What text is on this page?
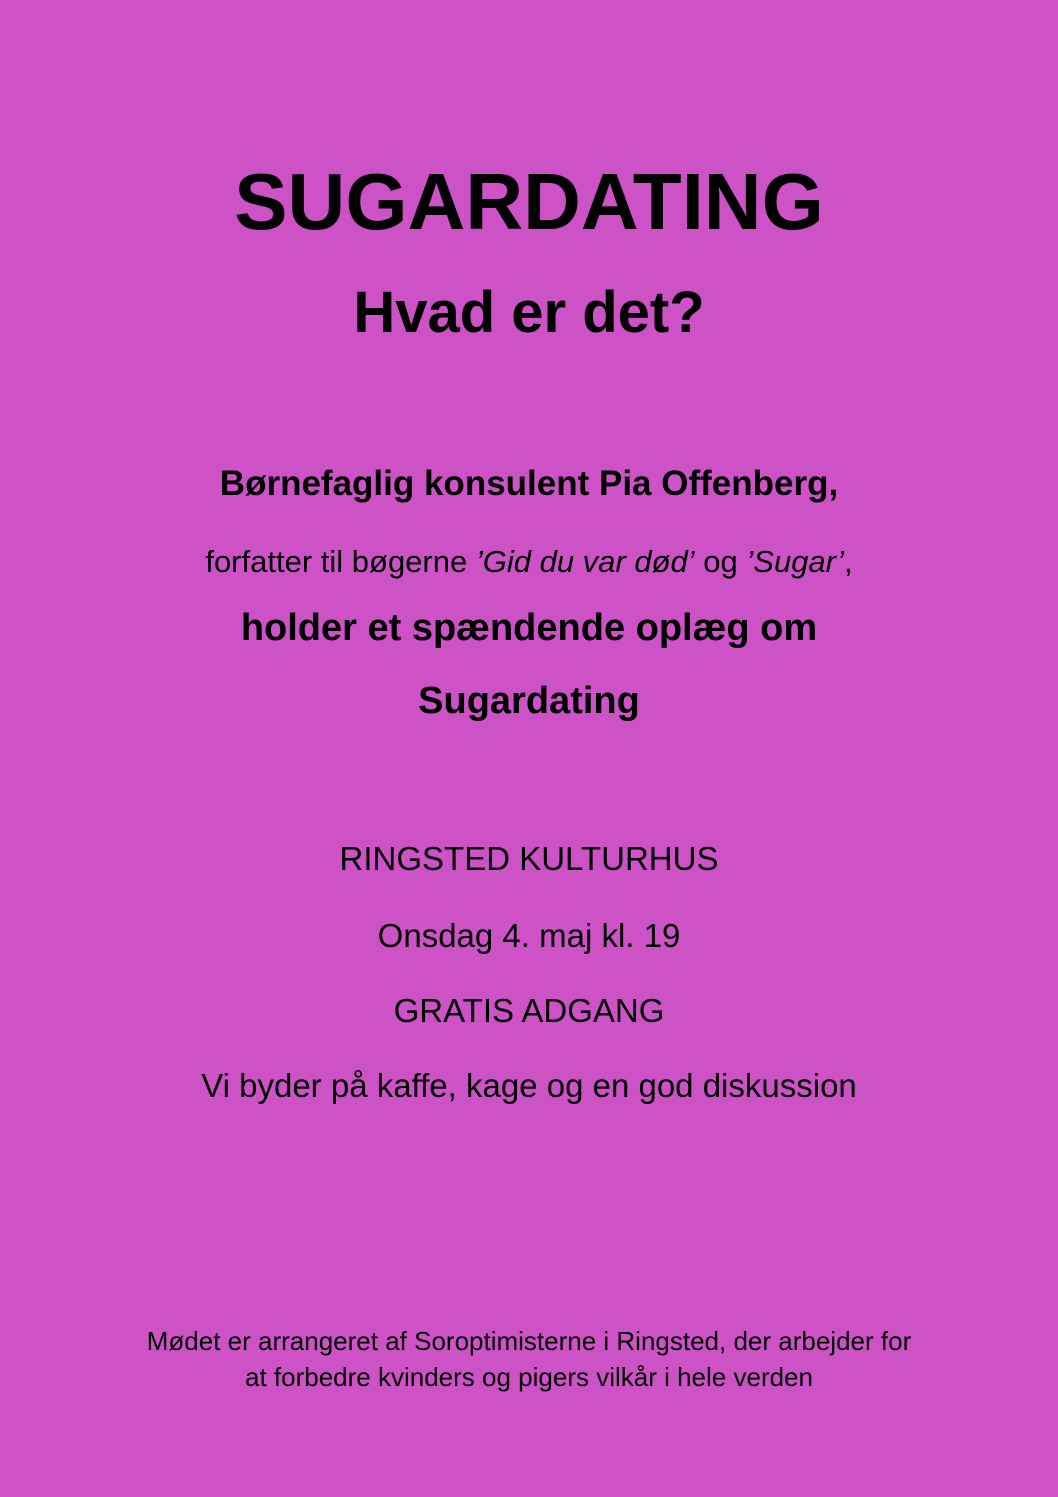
SUGARDATING
Hvad er det?
Børnefaglig konsulent Pia Offenberg,
forfatter til bøgerne ’Gid du var død’ og ’Sugar’,
holder et spændende oplæg om
Sugardating
RINGSTED KULTURHUS
Onsdag 4. maj kl. 19
GRATIS ADGANG
Vi byder på kaffe, kage og en god diskussion
Mødet er arrangeret af Soroptimisterne i Ringsted, der arbejder for
at forbedre kvinders og pigers vilkår i hele verden
